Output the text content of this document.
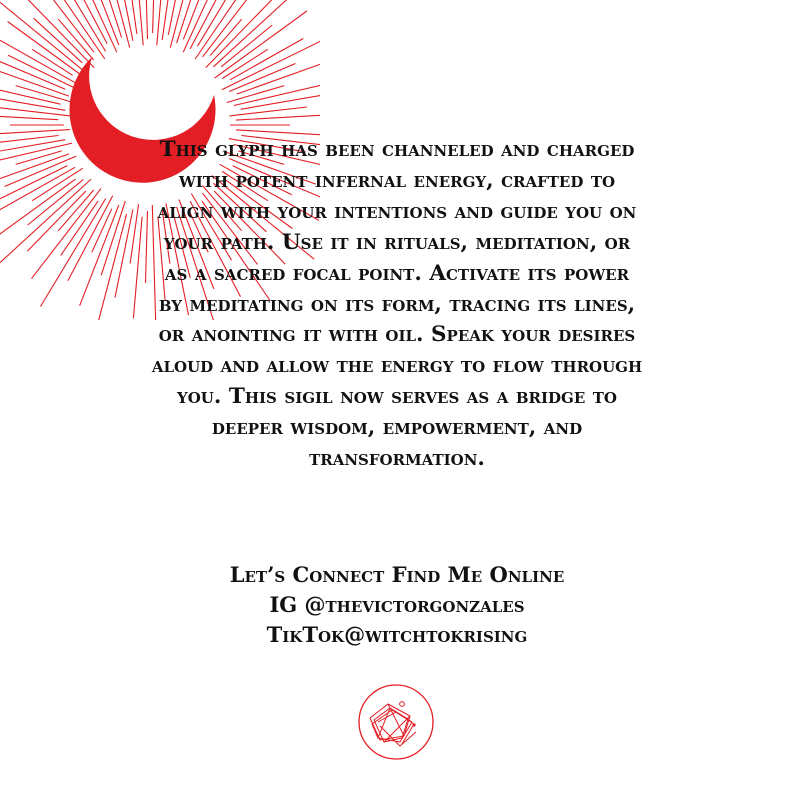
This glyph has been channeled and charged with potent infernal energy, crafted to align with your intentions and guide you on your path. Use it in rituals, meditation, or as a sacred focal point. Activate its power by meditating on its form, tracing its lines, or anointing it with oil. Speak your desires aloud and allow the energy to flow through you. This sigil now serves as a bridge to deeper wisdom, empowerment, and transformation.

Let’s Connect Find Me Online
IG @thevictorgonzales
TikTok@witchtokrising
